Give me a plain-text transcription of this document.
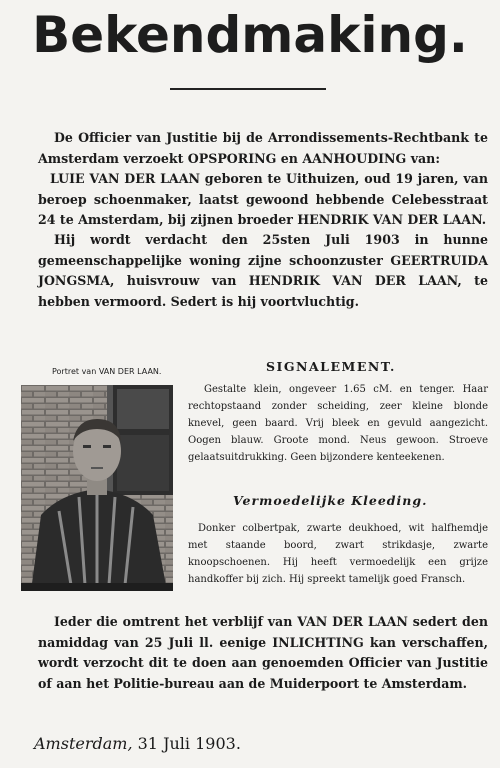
Bekendmaking.
De Officier van Justitie bij de Arrondissements-Rechtbank te Amsterdam verzoekt OPSPORING en AANHOUDING van:
LUIE VAN DER LAAN geboren te Uithuizen, oud 19 jaren, van beroep schoenmaker, laatst gewoond hebbende Celebesstraat 24 te Amsterdam, bij zijnen broeder HENDRIK VAN DER LAAN.
Hij wordt verdacht den 25sten Juli 1903 in hunne gemeenschappelijke woning zijne schoonzuster GEERTRUIDA JONGSMA, huisvrouw van HENDRIK VAN DER LAAN, te hebben vermoord. Sedert is hij voortvluchtig.
Portret van VAN DER LAAN.	SIGNALEMENT.
Gestalte klein, ongeveer 1.65 cM. en tenger. Haar rechtopstaand zonder scheiding, zeer kleine blonde knevel, geen baard. Vrij bleek en gevuld aangezicht. Oogen blauw. Groote mond. Neus gewoon. Stroeve gelaatsuitdrukking. Geen bijzondere kenteekenen.
Vermoedelijke Kleeding.
Donker colbertpak, zwarte deukhoed, wit halfhemdje met staande boord, zwart strikdasje, zwarte knoopschoenen. Hij heeft vermoedelijk een grijze handkoffer bij zich. Hij spreekt tamelijk goed Fransch.
Ieder die omtrent het verblijf van VAN DER LAAN sedert den namiddag van 25 Juli ll. eenige INLICHTING kan verschaffen, wordt verzocht dit te doen aan genoemden Officier van Justitie of aan het Politie-bureau aan de Muiderpoort te Amsterdam.
Amsterdam, 31 Juli 1903.
